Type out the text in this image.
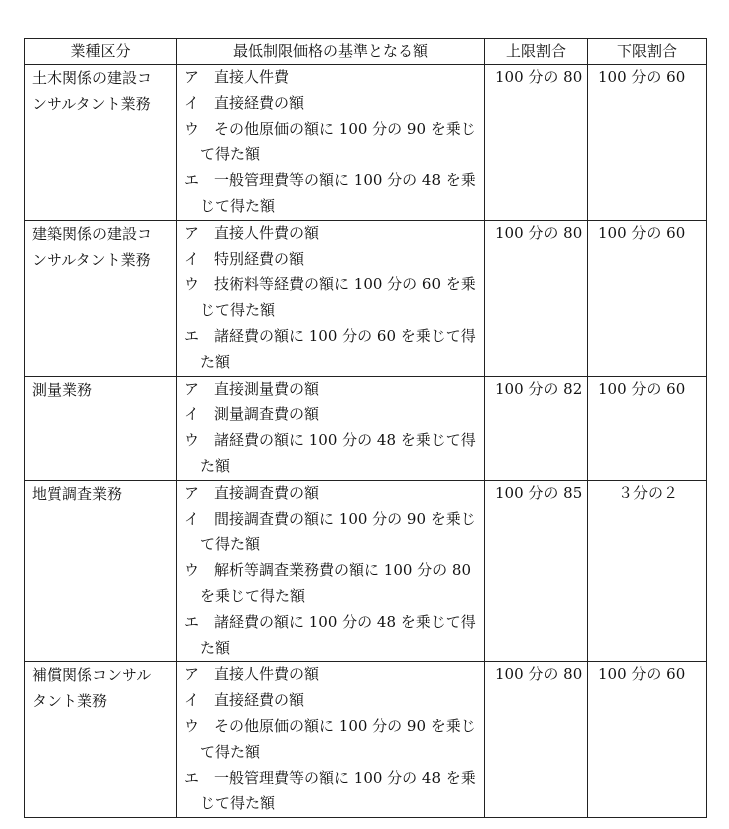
業種区分	最低制限価格の基準となる額	上限割合	下限割合

土木関係の建設コンサルタント業務	ア　直接人件費
イ　直接経費の額
ウ　その他原価の額に 100 分の 90 を乗じて得た額
エ　一般管理費等の額に 100 分の 48 を乗じて得た額	100 分の 80	100 分の 60

建築関係の建設コンサルタント業務	ア　直接人件費の額
イ　特別経費の額
ウ　技術料等経費の額に 100 分の 60 を乗じて得た額
エ　諸経費の額に 100 分の 60 を乗じて得た額	100 分の 80	100 分の 60

測量業務	ア　直接測量費の額
イ　測量調査費の額
ウ　諸経費の額に 100 分の 48 を乗じて得た額	100 分の 82	100 分の 60

地質調査業務	ア　直接調査費の額
イ　間接調査費の額に 100 分の 90 を乗じて得た額
ウ　解析等調査業務費の額に 100 分の 80 を乗じて得た額
エ　諸経費の額に 100 分の 48 を乗じて得た額	100 分の 85	３分の２

補償関係コンサルタント業務	ア　直接人件費の額
イ　直接経費の額
ウ　その他原価の額に 100 分の 90 を乗じて得た額
エ　一般管理費等の額に 100 分の 48 を乗じて得た額	100 分の 80	100 分の 60
